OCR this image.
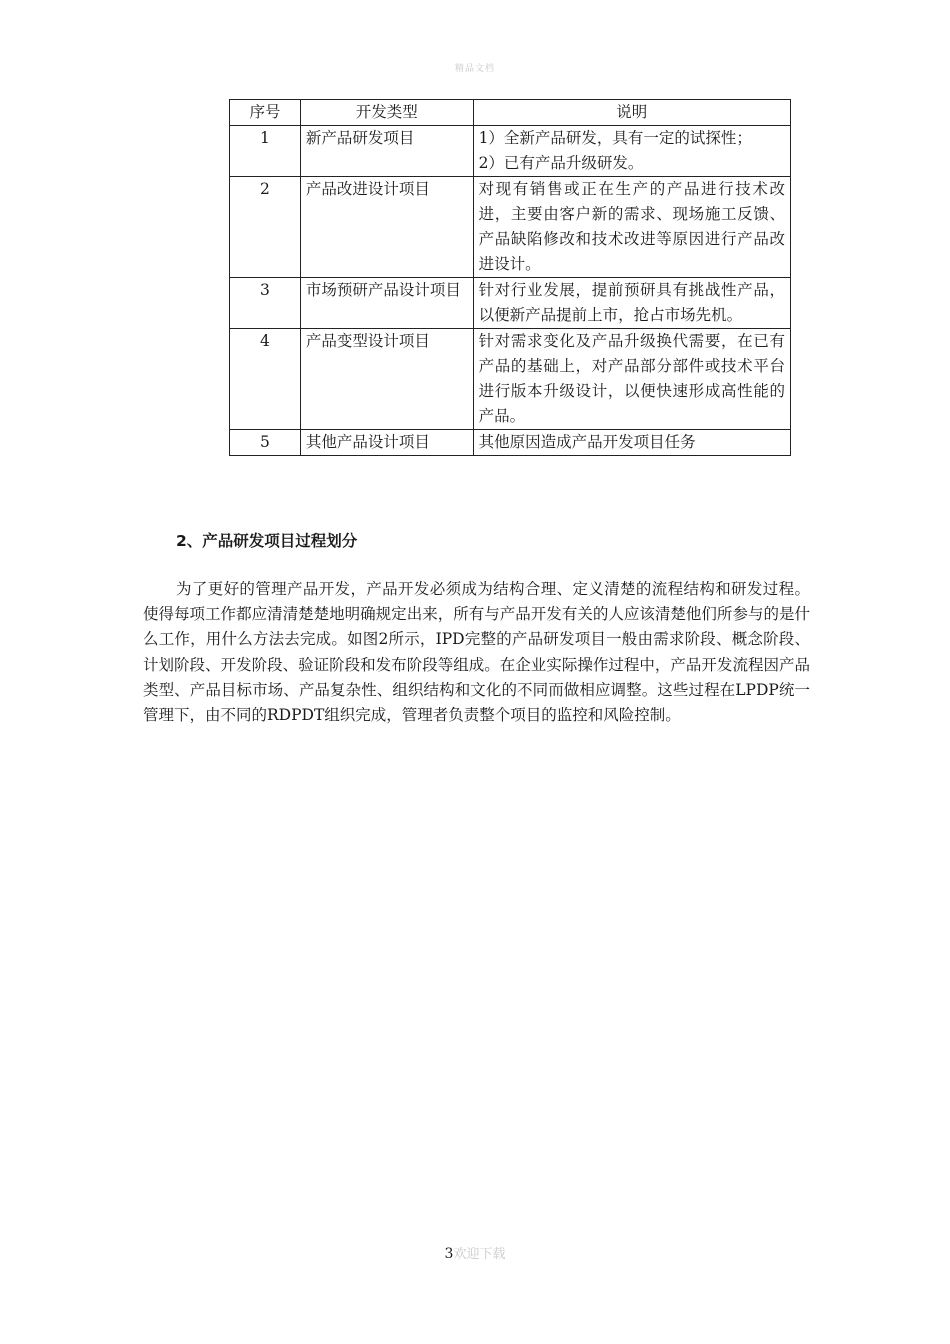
精品文档
序号	开发类型	说明
1	新产品研发项目	1）全新产品研发，具有一定的试探性；
2）已有产品升级研发。

2	产品改进设计项目	对现有销售或正在生产的产品进行技术改进，主要由客户新的需求、现场施工反馈、产品缺陷修改和技术改进等原因进行产品改进设计。

3	市场预研产品设计项目	针对行业发展，提前预研具有挑战性产品，以便新产品提前上市，抢占市场先机。

4	产品变型设计项目	针对需求变化及产品升级换代需要，在已有产品的基础上，对产品部分部件或技术平台进行版本升级设计，以便快速形成高性能的产品。

5	其他产品设计项目	其他原因造成产品开发项目任务
2、产品研发项目过程划分
为了更好的管理产品开发，产品开发必须成为结构合理、定义清楚的流程结构和研发过程。使得每项工作都应清清楚楚地明确规定出来，所有与产品开发有关的人应该清楚他们所参与的是什么工作，用什么方法去完成。如图2所示，IPD完整的产品研发项目一般由需求阶段、概念阶段、计划阶段、开发阶段、验证阶段和发布阶段等组成。在企业实际操作过程中，产品开发流程因产品类型、产品目标市场、产品复杂性、组织结构和文化的不同而做相应调整。这些过程在LPDP统一管理下，由不同的RDPDT组织完成，管理者负责整个项目的监控和风险控制。
3欢迎下载
